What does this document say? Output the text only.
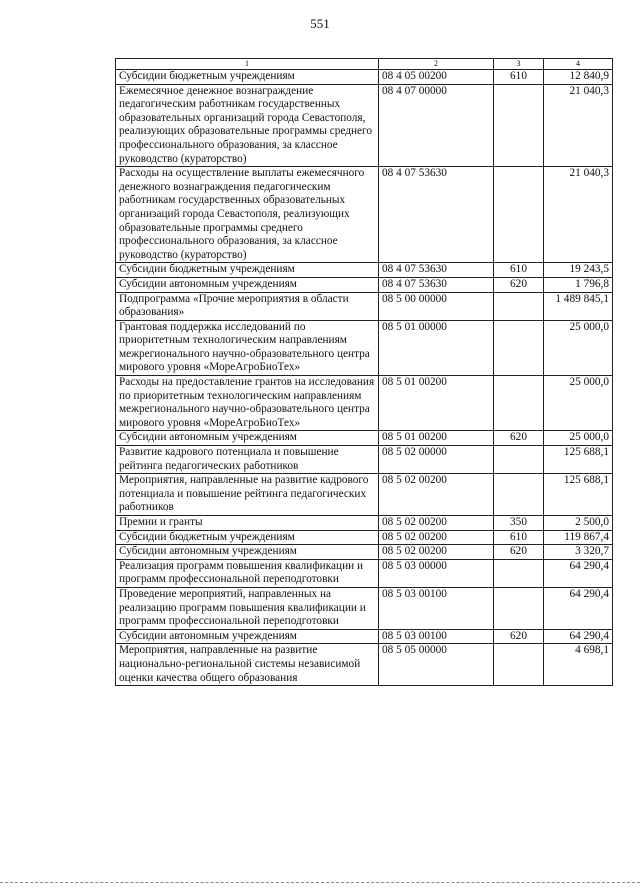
551
1	2	3	4
Субсидии бюджетным учреждениям	08 4 05 00200	610	12 840,9
Ежемесячное денежное вознаграждение педагогическим работникам государственных образовательных организаций города Севастополя, реализующих образовательные программы среднего профессионального образования, за классное руководство (кураторство)	08 4 07 00000		21 040,3
Расходы на осуществление выплаты ежемесячного денежного вознаграждения педагогическим работникам государственных образовательных организаций города Севастополя, реализующих образовательные программы среднего профессионального образования, за классное руководство (кураторство)	08 4 07 53630		21 040,3
Субсидии бюджетным учреждениям	08 4 07 53630	610	19 243,5
Субсидии автономным учреждениям	08 4 07 53630	620	1 796,8
Подпрограмма «Прочие мероприятия в области образования»	08 5 00 00000		1 489 845,1
Грантовая поддержка исследований по приоритетным технологическим направлениям межрегионального научно-образовательного центра мирового уровня «МореАгроБиоТех»	08 5 01 00000		25 000,0
Расходы на предоставление грантов на исследования по приоритетным технологическим направлениям межрегионального научно-образовательного центра мирового уровня «МореАгроБиоТех»	08 5 01 00200		25 000,0
Субсидии автономным учреждениям	08 5 01 00200	620	25 000,0
Развитие кадрового потенциала и повышение рейтинга педагогических работников	08 5 02 00000		125 688,1
Мероприятия, направленные на развитие кадрового потенциала и повышение рейтинга педагогических работников	08 5 02 00200		125 688,1
Премии и гранты	08 5 02 00200	350	2 500,0
Субсидии бюджетным учреждениям	08 5 02 00200	610	119 867,4
Субсидии автономным учреждениям	08 5 02 00200	620	3 320,7
Реализация программ повышения квалификации и программ профессиональной переподготовки	08 5 03 00000		64 290,4
Проведение мероприятий, направленных на реализацию программ повышения квалификации и программ профессиональной переподготовки	08 5 03 00100		64 290,4
Субсидии автономным учреждениям	08 5 03 00100	620	64 290,4
Мероприятия, направленные на развитие национально-региональной системы независимой оценки качества общего образования	08 5 05 00000		4 698,1
